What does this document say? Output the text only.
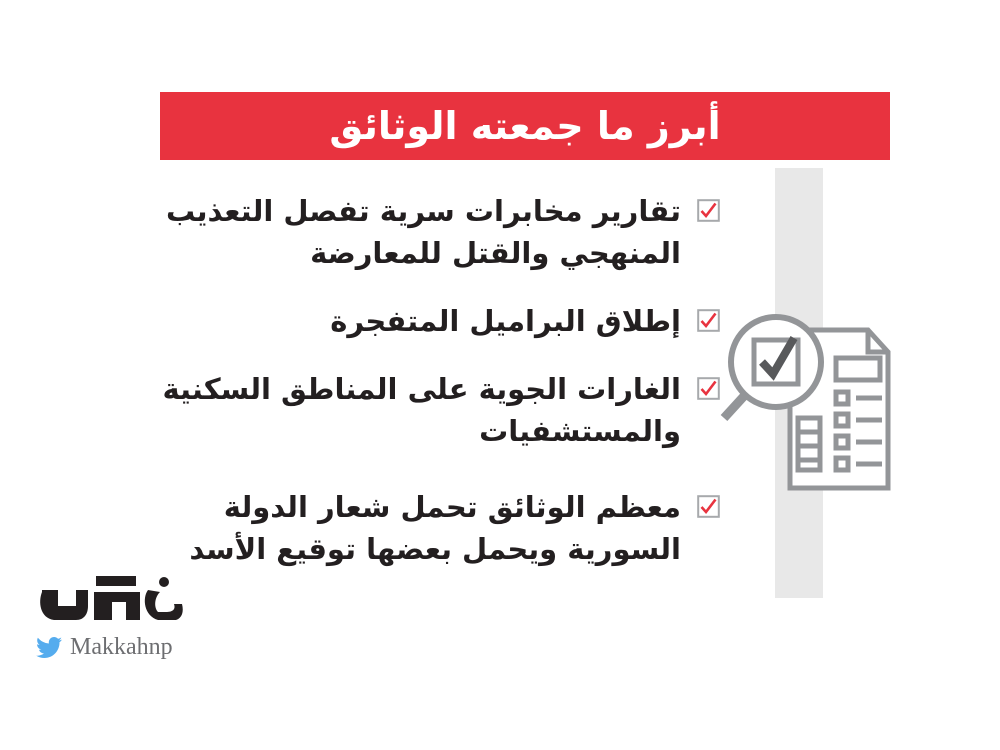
أبرز ما جمعته الوثائق
تقارير مخابرات سرية تفصل التعذيب المنهجي والقتل للمعارضة
إطلاق البراميل المتفجرة
الغارات الجوية على المناطق السكنية والمستشفيات
معظم الوثائق تحمل شعار الدولة السورية ويحمل بعضها توقيع الأسد
Makkahnp
